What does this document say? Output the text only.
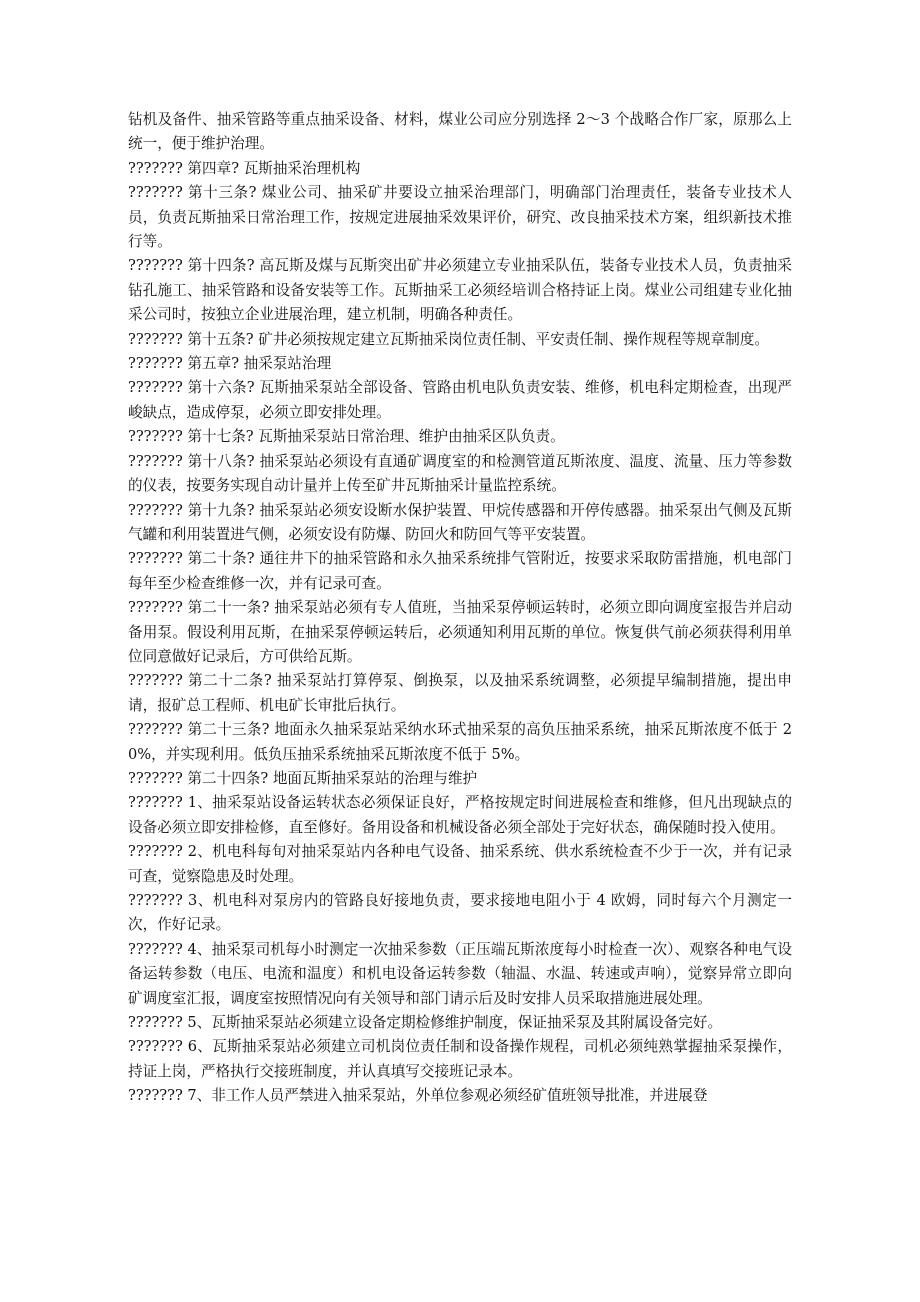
钻机及备件、抽采管路等重点抽采设备、材料，煤业公司应分别选择 2～3 个战略合作厂家，原那么上统一，便于维护治理。

??????? 第四章? 瓦斯抽采治理机构

??????? 第十三条? 煤业公司、抽采矿井要设立抽采治理部门，明确部门治理责任，装备专业技术人员，负责瓦斯抽采日常治理工作，按规定进展抽采效果评价，研究、改良抽采技术方案，组织新技术推行等。

??????? 第十四条? 高瓦斯及煤与瓦斯突出矿井必须建立专业抽采队伍，装备专业技术人员，负责抽采钻孔施工、抽采管路和设备安装等工作。瓦斯抽采工必须经培训合格持证上岗。煤业公司组建专业化抽采公司时，按独立企业进展治理，建立机制，明确各种责任。

??????? 第十五条? 矿井必须按规定建立瓦斯抽采岗位责任制、平安责任制、操作规程等规章制度。

??????? 第五章? 抽采泵站治理

??????? 第十六条? 瓦斯抽采泵站全部设备、管路由机电队负责安装、维修，机电科定期检查，出现严峻缺点，造成停泵，必须立即安排处理。

??????? 第十七条? 瓦斯抽采泵站日常治理、维护由抽采区队负责。

??????? 第十八条? 抽采泵站必须设有直通矿调度室的和检测管道瓦斯浓度、温度、流量、压力等参数的仪表，按要务实现自动计量并上传至矿井瓦斯抽采计量监控系统。

??????? 第十九条? 抽采泵站必须安设断水保护装置、甲烷传感器和开停传感器。抽采泵出气侧及瓦斯气罐和利用装置进气侧，必须安设有防爆、防回火和防回气等平安装置。

??????? 第二十条? 通往井下的抽采管路和永久抽采系统排气管附近，按要求采取防雷措施，机电部门每年至少检查维修一次，并有记录可查。

??????? 第二十一条? 抽采泵站必须有专人值班，当抽采泵停顿运转时，必须立即向调度室报告并启动备用泵。假设利用瓦斯，在抽采泵停顿运转后，必须通知利用瓦斯的单位。恢复供气前必须获得利用单位同意做好记录后，方可供给瓦斯。

??????? 第二十二条? 抽采泵站打算停泵、倒换泵，以及抽采系统调整，必须提早编制措施，提出申请，报矿总工程师、机电矿长审批后执行。

??????? 第二十三条? 地面永久抽采泵站采纳水环式抽采泵的高负压抽采系统，抽采瓦斯浓度不低于 20%，并实现利用。低负压抽采系统抽采瓦斯浓度不低于 5%。

??????? 第二十四条? 地面瓦斯抽采泵站的治理与维护

??????? 1、抽采泵站设备运转状态必须保证良好，严格按规定时间进展检查和维修，但凡出现缺点的设备必须立即安排检修，直至修好。备用设备和机械设备必须全部处于完好状态，确保随时投入使用。

??????? 2、机电科每旬对抽采泵站内各种电气设备、抽采系统、供水系统检查不少于一次，并有记录可查，觉察隐患及时处理。

??????? 3、机电科对泵房内的管路良好接地负责，要求接地电阻小于 4 欧姆，同时每六个月测定一次，作好记录。

??????? 4、抽采泵司机每小时测定一次抽采参数（正压端瓦斯浓度每小时检查一次）、观察各种电气设备运转参数（电压、电流和温度）和机电设备运转参数（轴温、水温、转速或声响），觉察异常立即向矿调度室汇报，调度室按照情况向有关领导和部门请示后及时安排人员采取措施进展处理。

??????? 5、瓦斯抽采泵站必须建立设备定期检修维护制度，保证抽采泵及其附属设备完好。

??????? 6、瓦斯抽采泵站必须建立司机岗位责任制和设备操作规程，司机必须纯熟掌握抽采泵操作，持证上岗，严格执行交接班制度，并认真填写交接班记录本。

??????? 7、非工作人员严禁进入抽采泵站，外单位参观必须经矿值班领导批准，并进展登
